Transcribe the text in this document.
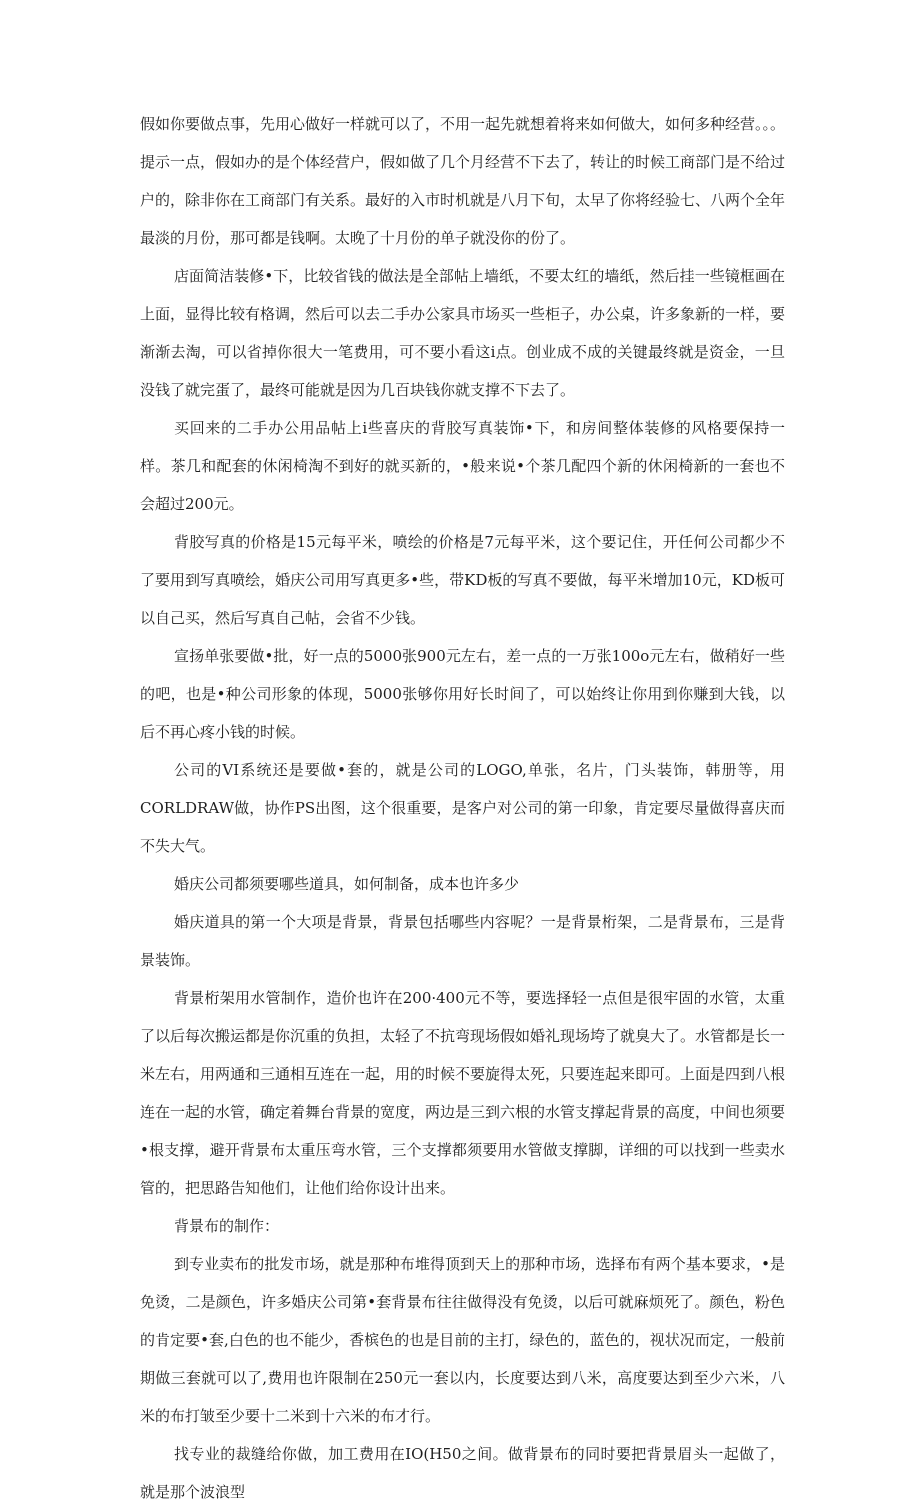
假如你要做点事，先用心做好一样就可以了，不用一起先就想着将来如何做大，如何多种经营。。。提示一点，假如办的是个体经营户，假如做了几个月经营不下去了，转让的时候工商部门是不给过户的，除非你在工商部门有关系。最好的入市时机就是八月下旬，太早了你将经验七、八两个全年最淡的月份，那可都是钱啊。太晚了十月份的单子就没你的份了。

店面简洁装修•下，比较省钱的做法是全部帖上墙纸，不要太红的墙纸，然后挂一些镜框画在上面，显得比较有格调，然后可以去二手办公家具市场买一些柜子，办公桌，许多象新的一样，要渐渐去淘，可以省掉你很大一笔费用，可不要小看这i点。创业成不成的关键最终就是资金，一旦没钱了就完蛋了，最终可能就是因为几百块钱你就支撑不下去了。

买回来的二手办公用品帖上i些喜庆的背胶写真装饰•下，和房间整体装修的风格要保持一样。茶几和配套的休闲椅淘不到好的就买新的，•般来说•个茶几配四个新的休闲椅新的一套也不会超过200元。

背胶写真的价格是15元每平米，喷绘的价格是7元每平米，这个要记住，开任何公司都少不了要用到写真喷绘，婚庆公司用写真更多•些，带KD板的写真不要做，每平米增加10元，KD板可以自己买，然后写真自己帖，会省不少钱。

宣扬单张要做•批，好一点的5000张900元左右，差一点的一万张100o元左右，做稍好一些的吧，也是•种公司形象的体现，5000张够你用好长时间了，可以始终让你用到你赚到大钱，以后不再心疼小钱的时候。

公司的VI系统还是要做•套的，就是公司的LOGO,单张，名片，门头装饰，韩册等，用CORLDRAW做，协作PS出图，这个很重要，是客户对公司的第一印象，肯定要尽量做得喜庆而不失大气。

婚庆公司都须要哪些道具，如何制备，成本也许多少

婚庆道具的第一个大项是背景，背景包括哪些内容呢？一是背景桁架，二是背景布，三是背景装饰。

背景桁架用水管制作，造价也许在200·400元不等，要选择轻一点但是很牢固的水管，太重了以后每次搬运都是你沉重的负担，太轻了不抗弯现场假如婚礼现场垮了就臭大了。水管都是长一米左右，用两通和三通相互连在一起，用的时候不要旋得太死，只要连起来即可。上面是四到八根连在一起的水管，确定着舞台背景的宽度，两边是三到六根的水管支撑起背景的高度，中间也须要•根支撑，避开背景布太重压弯水管，三个支撑都须要用水管做支撑脚，详细的可以找到一些卖水管的，把思路告知他们，让他们给你设计出来。

背景布的制作：

到专业卖布的批发市场，就是那种布堆得顶到天上的那种市场，选择布有两个基本要求，•是免烫，二是颜色，许多婚庆公司第•套背景布往往做得没有免烫，以后可就麻烦死了。颜色，粉色的肯定要•套,白色的也不能少，香槟色的也是目前的主打，绿色的，蓝色的，视状况而定，一般前期做三套就可以了,费用也许限制在250元一套以内，长度要达到八米，高度要达到至少六米，八米的布打皱至少要十二米到十六米的布才行。

找专业的裁缝给你做，加工费用在IO(H50之间。做背景布的同时要把背景眉头一起做了，就是那个波浪型
